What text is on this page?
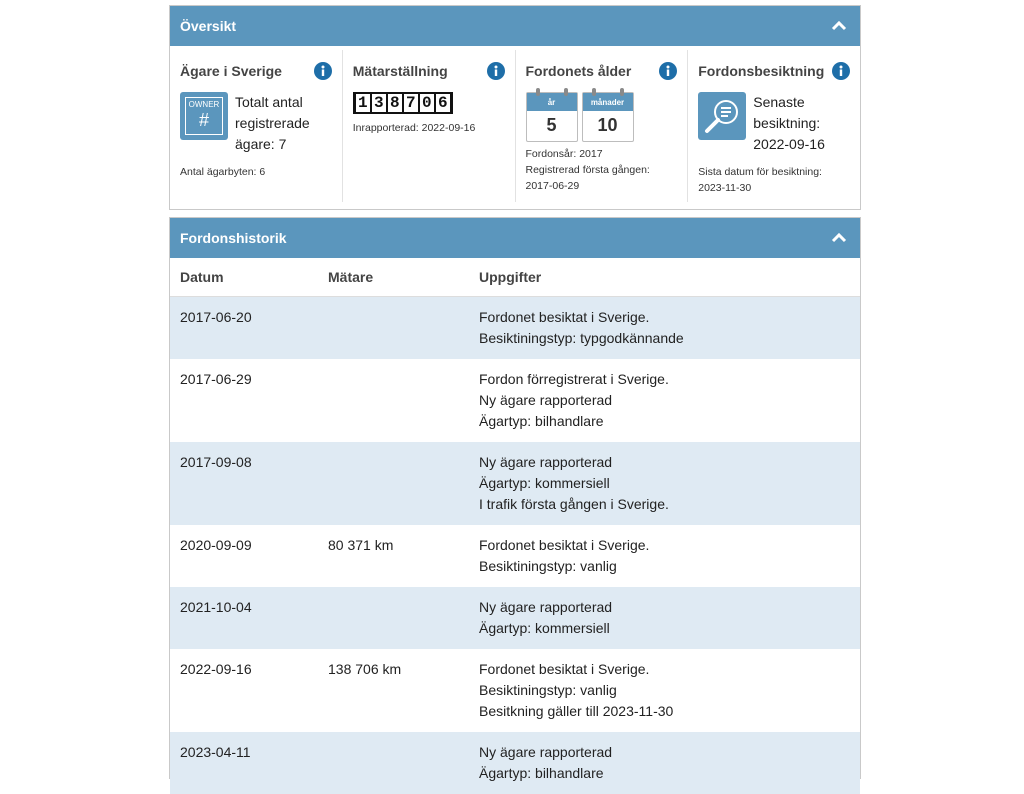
Översikt
Ägare i Sverige
OWNER
#
Totalt antal
registrerade
ägare: 7
Antal ägarbyten: 6
Mätarställning
1 3 8 7 0 6
Inrapporterad: 2022-09-16
Fordonets ålder
år
5
månader
10
Fordonsår: 2017
Registrerad första gången:
2017-06-29
Fordonsbesiktning
Senaste
besiktning:
2022-09-16
Sista datum för besiktning:
2023-11-30
Fordonshistorik
Datum	Mätare	Uppgifter
2017-06-20		Fordonet besiktat i Sverige.
Besiktiningstyp: typgodkännande

2017-06-29		Fordon förregistrerat i Sverige.
Ny ägare rapporterad
Ägartyp: bilhandlare

2017-09-08		Ny ägare rapporterad
Ägartyp: kommersiell
I trafik första gången i Sverige.

2020-09-09	80 371 km	Fordonet besiktat i Sverige.
Besiktiningstyp: vanlig

2021-10-04		Ny ägare rapporterad
Ägartyp: kommersiell

2022-09-16	138 706 km	Fordonet besiktat i Sverige.
Besiktiningstyp: vanlig
Besitkning gäller till 2023-11-30

2023-04-11		Ny ägare rapporterad
Ägartyp: bilhandlare
